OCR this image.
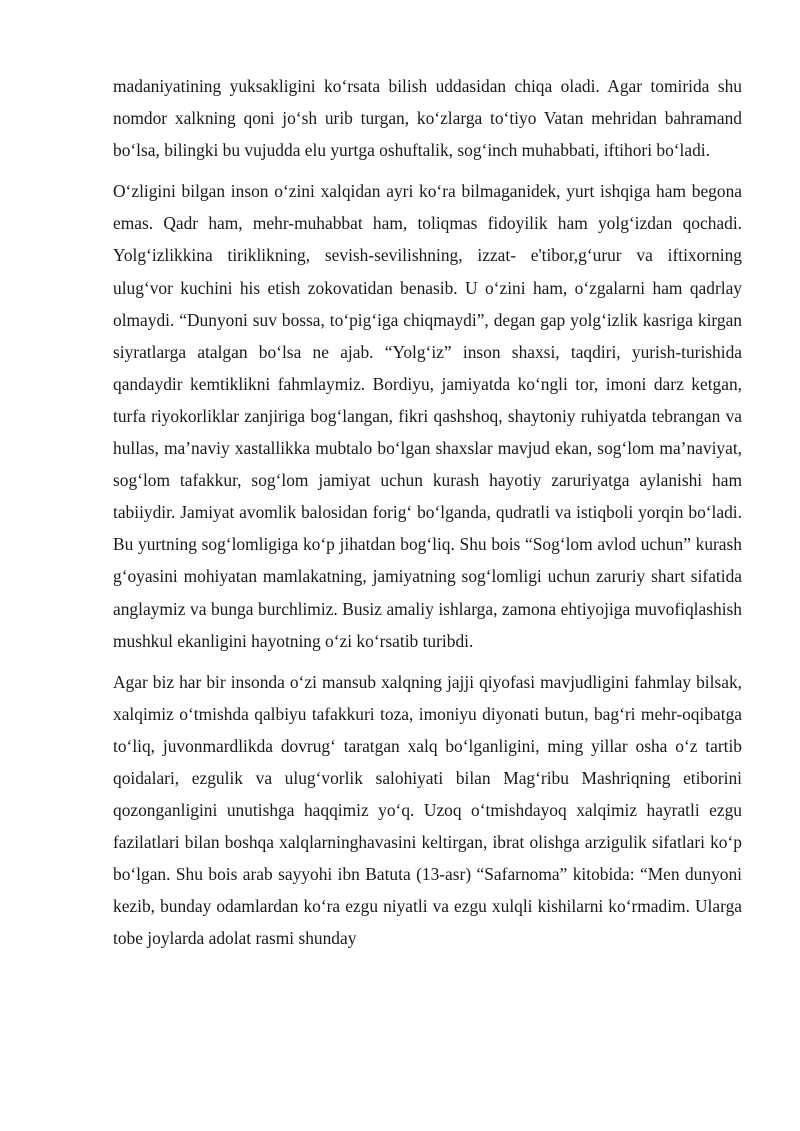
madaniyatining yuksakligini ko‘rsata bilish uddasidan chiqa oladi. Agar tomirida shu nomdor xalkning qoni jo‘sh urib turgan, ko‘zlarga to‘tiyo Vatan mehridan bahramand bo‘lsa, bilingki bu vujudda elu yurtga oshuftalik, sog‘inch muhabbati, iftihori bo‘ladi.

O‘zligini bilgan inson o‘zini xalqidan ayri ko‘ra bilmaganidek, yurt ishqiga ham begona emas. Qadr ham, mehr-muhabbat ham, toliqmas fidoyilik ham yolg‘izdan qochadi. Yolg‘izlikkina tiriklikning, sevish-sevilishning, izzat- e'tibor,g‘urur va iftixorning ulug‘vor kuchini his etish zokovatidan benasib. U o‘zini ham, o‘zgalarni ham qadrlay olmaydi. “Dunyoni suv bossa, to‘pig‘iga chiqmaydi”, degan gap yolg‘izlik kasriga kirgan siyratlarga atalgan bo‘lsa ne ajab. “Yolg‘iz” inson shaxsi, taqdiri, yurish-turishida qandaydir kemtiklikni fahmlaymiz. Bordiyu, jamiyatda ko‘ngli tor, imoni darz ketgan, turfa riyokorliklar zanjiriga bog‘langan, fikri qashshoq, shaytoniy ruhiyatda tebrangan va hullas, ma’naviy xastallikka mubtalo bo‘lgan shaxslar mavjud ekan, sog‘lom ma’naviyat, sog‘lom tafakkur, sog‘lom jamiyat uchun kurash hayotiy zaruriyatga aylanishi ham tabiiydir. Jamiyat avomlik balosidan forig‘ bo‘lganda, qudratli va istiqboli yorqin bo‘ladi. Bu yurtning sog‘lomligiga ko‘p jihatdan bog‘liq. Shu bois “Sog‘lom avlod uchun” kurash g‘oyasini mohiyatan mamlakatning, jamiyatning sog‘lomligi uchun zaruriy shart sifatida anglaymiz va bunga burchlimiz. Busiz amaliy ishlarga, zamona ehtiyojiga muvofiqlashish mushkul ekanligini hayotning o‘zi ko‘rsatib turibdi.

Agar biz har bir insonda o‘zi mansub xalqning jajji qiyofasi mavjudligini fahmlay bilsak, xalqimiz o‘tmishda qalbiyu tafakkuri toza, imoniyu diyonati butun, bag‘ri mehr-oqibatga to‘liq, juvonmardlikda dovrug‘ taratgan xalq bo‘lganligini, ming yillar osha o‘z tartib qoidalari, ezgulik va ulug‘vorlik salohiyati bilan Mag‘ribu Mashriqning etiborini qozonganligini unutishga haqqimiz yo‘q. Uzoq o‘tmishdayoq xalqimiz hayratli ezgu fazilatlari bilan boshqa xalqlarninghavasini keltirgan, ibrat olishga arzigulik sifatlari ko‘p bo‘lgan. Shu bois arab sayyohi ibn Batuta (13-asr) “Safarnoma” kitobida: “Men dunyoni kezib, bunday odamlardan ko‘ra ezgu niyatli va ezgu xulqli kishilarni ko‘rmadim. Ularga tobe joylarda adolat rasmi shunday
